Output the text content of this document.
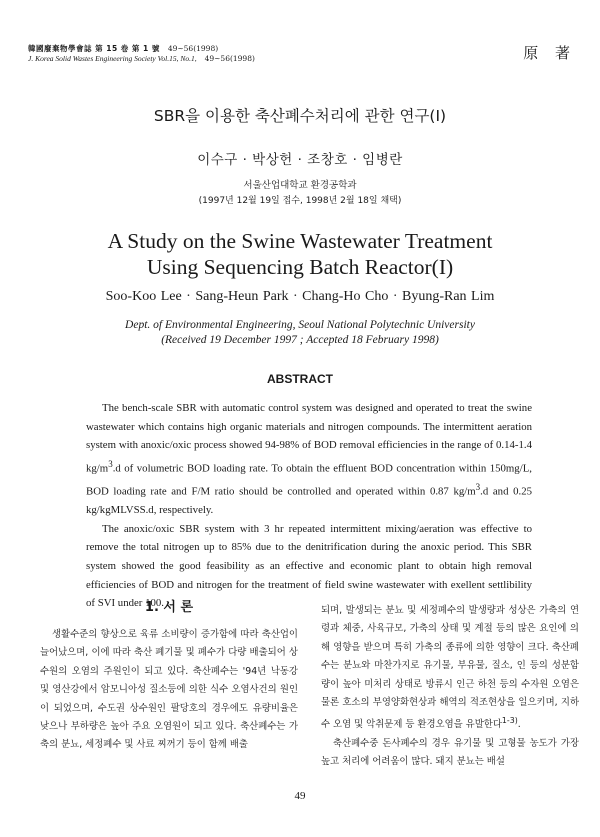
韓國廢棄物學會誌 第 15 卷 第 1 號 49~56(1998)
J. Korea Solid Wastes Engineering Society Vol.15, No.1, 49~56(1998)	原 著
SBR을 이용한 축산폐수처리에 관한 연구(I)
이수구 · 박상헌 · 조창호 · 임병란
서울산업대학교 환경공학과
(1997년 12월 19일 접수, 1998년 2월 18일 채택)
A Study on the Swine Wastewater Treatment
Using Sequencing Batch Reactor(I)
Soo-Koo Lee · Sang-Heun Park · Chang-Ho Cho · Byung-Ran Lim
Dept. of Environmental Engineering, Seoul National Polytechnic University
(Received 19 December 1997 ; Accepted 18 February 1998)
ABSTRACT

The bench-scale SBR with automatic control system was designed and operated to treat the swine wastewater which contains high organic materials and nitrogen compounds. The intermittent aeration system with anoxic/oxic process showed 94-98% of BOD removal efficiencies in the range of 0.14-1.4 $kg/m^3.d$ of volumetric BOD loading rate. To obtain the effluent BOD concentration within 150mg/L, BOD loading rate and F/M ratio should be controlled and operated within 0.87 $kg/m^3.d$ and 0.25 kg/kgMLVSS.d, respectively.

The anoxic/oxic SBR system with 3 hr repeated intermittent mixing/aeration was effective to remove the total nitrogen up to 85% due to the denitrification during the anoxic period. This SBR system showed the good feasibility as an effective and economic plant to obtain high removal efficiencies of BOD and nitrogen for the treatment of field swine wastewater with exellent settlibility of SVI under 100.

1. 서 론

생활수준의 향상으로 육류 소비량이 증가함에 따라 축산업이 늘어났으며, 이에 따라 축산 폐기물 및 폐수가 다량 배출되어 상수원의 오염의 주원인이 되고 있다. 축산폐수는 '94년 낙동강 및 영산강에서 암모니아성 질소등에 의한 식수 오염사건의 원인이 되었으며, 수도권 상수원인 팔당호의 경우에도 유량비율은 낮으나 부하량은 높아 주요 오염원이 되고 있다. 축산폐수는 가축의 분뇨, 세정폐수 및 사료 찌꺼기 등이 함께 배출

되며, 발생되는 분뇨 및 세정폐수의 발생량과 성상은 가축의 연령과 체중, 사육규모, 가축의 상태 및 계절 등의 많은 요인에 의해 영향을 받으며 특히 가축의 종류에 의한 영향이 크다. 축산폐수는 분뇨와 마찬가지로 유기물, 부유물, 질소, 인 등의 성분함량이 높아 미처리 상태로 방류시 인근 하천 등의 수자원 오염은 물론 호소의 부영양화현상과 해역의 적조현상을 일으키며, 지하수 오염 및 악취문제 등 환경오염을 유발한다$^{1-3)}$.

축산폐수중 돈사폐수의 경우 유기물 및 고형물 농도가 가장 높고 처리에 어려움이 많다. 돼지 분뇨는 배설

49
